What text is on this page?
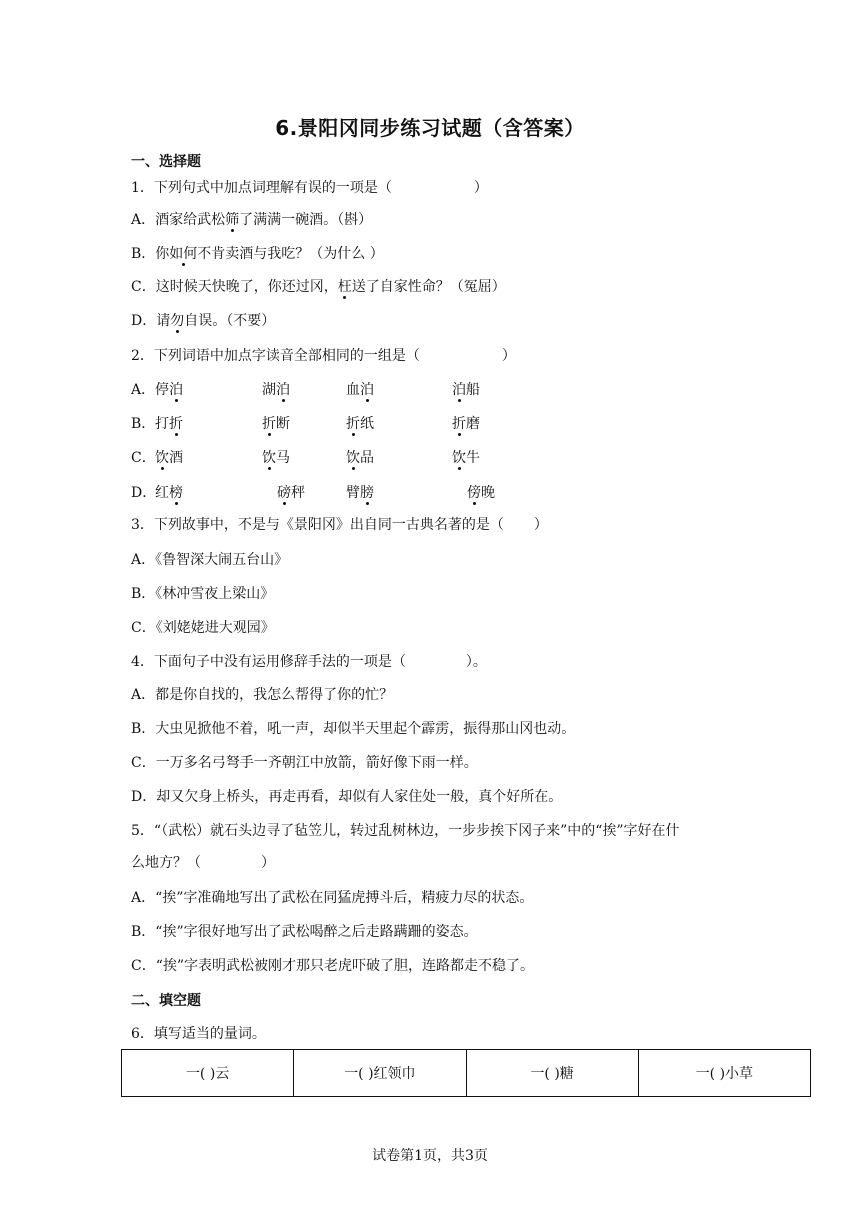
6.景阳冈同步练习试题（含答案）
一、选择题
1．下列句式中加点词理解有误的一项是（	）
A．酒家给武松筛了满满一碗酒。（斟）
B．你如何不肯卖酒与我吃？（为什么 ）
C．这时候天快晚了，你还过冈，枉送了自家性命？（冤屈）
D．请勿自误。（不要）
2．下列词语中加点字读音全部相同的一组是（	）
A． 停泊	湖泊	血泊	泊船
B． 打折	折断	折纸	折磨
C． 饮酒	饮马	饮品	饮牛
D．
红榜	磅秤	臂膀	傍晚
3．下列故事中，不是与《景阳冈》出自同一古典名著的是（ ）
A．《鲁智深大闹五台山》
B．《林冲雪夜上梁山》
C．《刘姥姥进大观园》
4．下面句子中没有运用修辞手法的一项是（	）。
A．都是你自找的，我怎么帮得了你的忙？
B．大虫见掀他不着，吼一声，却似半天里起个霹雳，振得那山冈也动。
C．一万多名弓弩手一齐朝江中放箭，箭好像下雨一样。
D．却又欠身上桥头，再走再看，却似有人家住处一般，真个好所在。
5．“（武松）就石头边寻了毡笠儿，转过乱树林边，一步步挨下冈子来”中的“挨”字好在什
么地方？（	）
A．“挨”字准确地写出了武松在同猛虎搏斗后，精疲力尽的状态。
B．“挨”字很好地写出了武松喝醉之后走路蹒跚的姿态。
C．“挨”字表明武松被刚才那只老虎吓破了胆，连路都走不稳了。
二、填空题
6．填写适当的量词。
一( )云	一( )红领巾	一( )糖	一( )小草
试卷第1页，共3页
